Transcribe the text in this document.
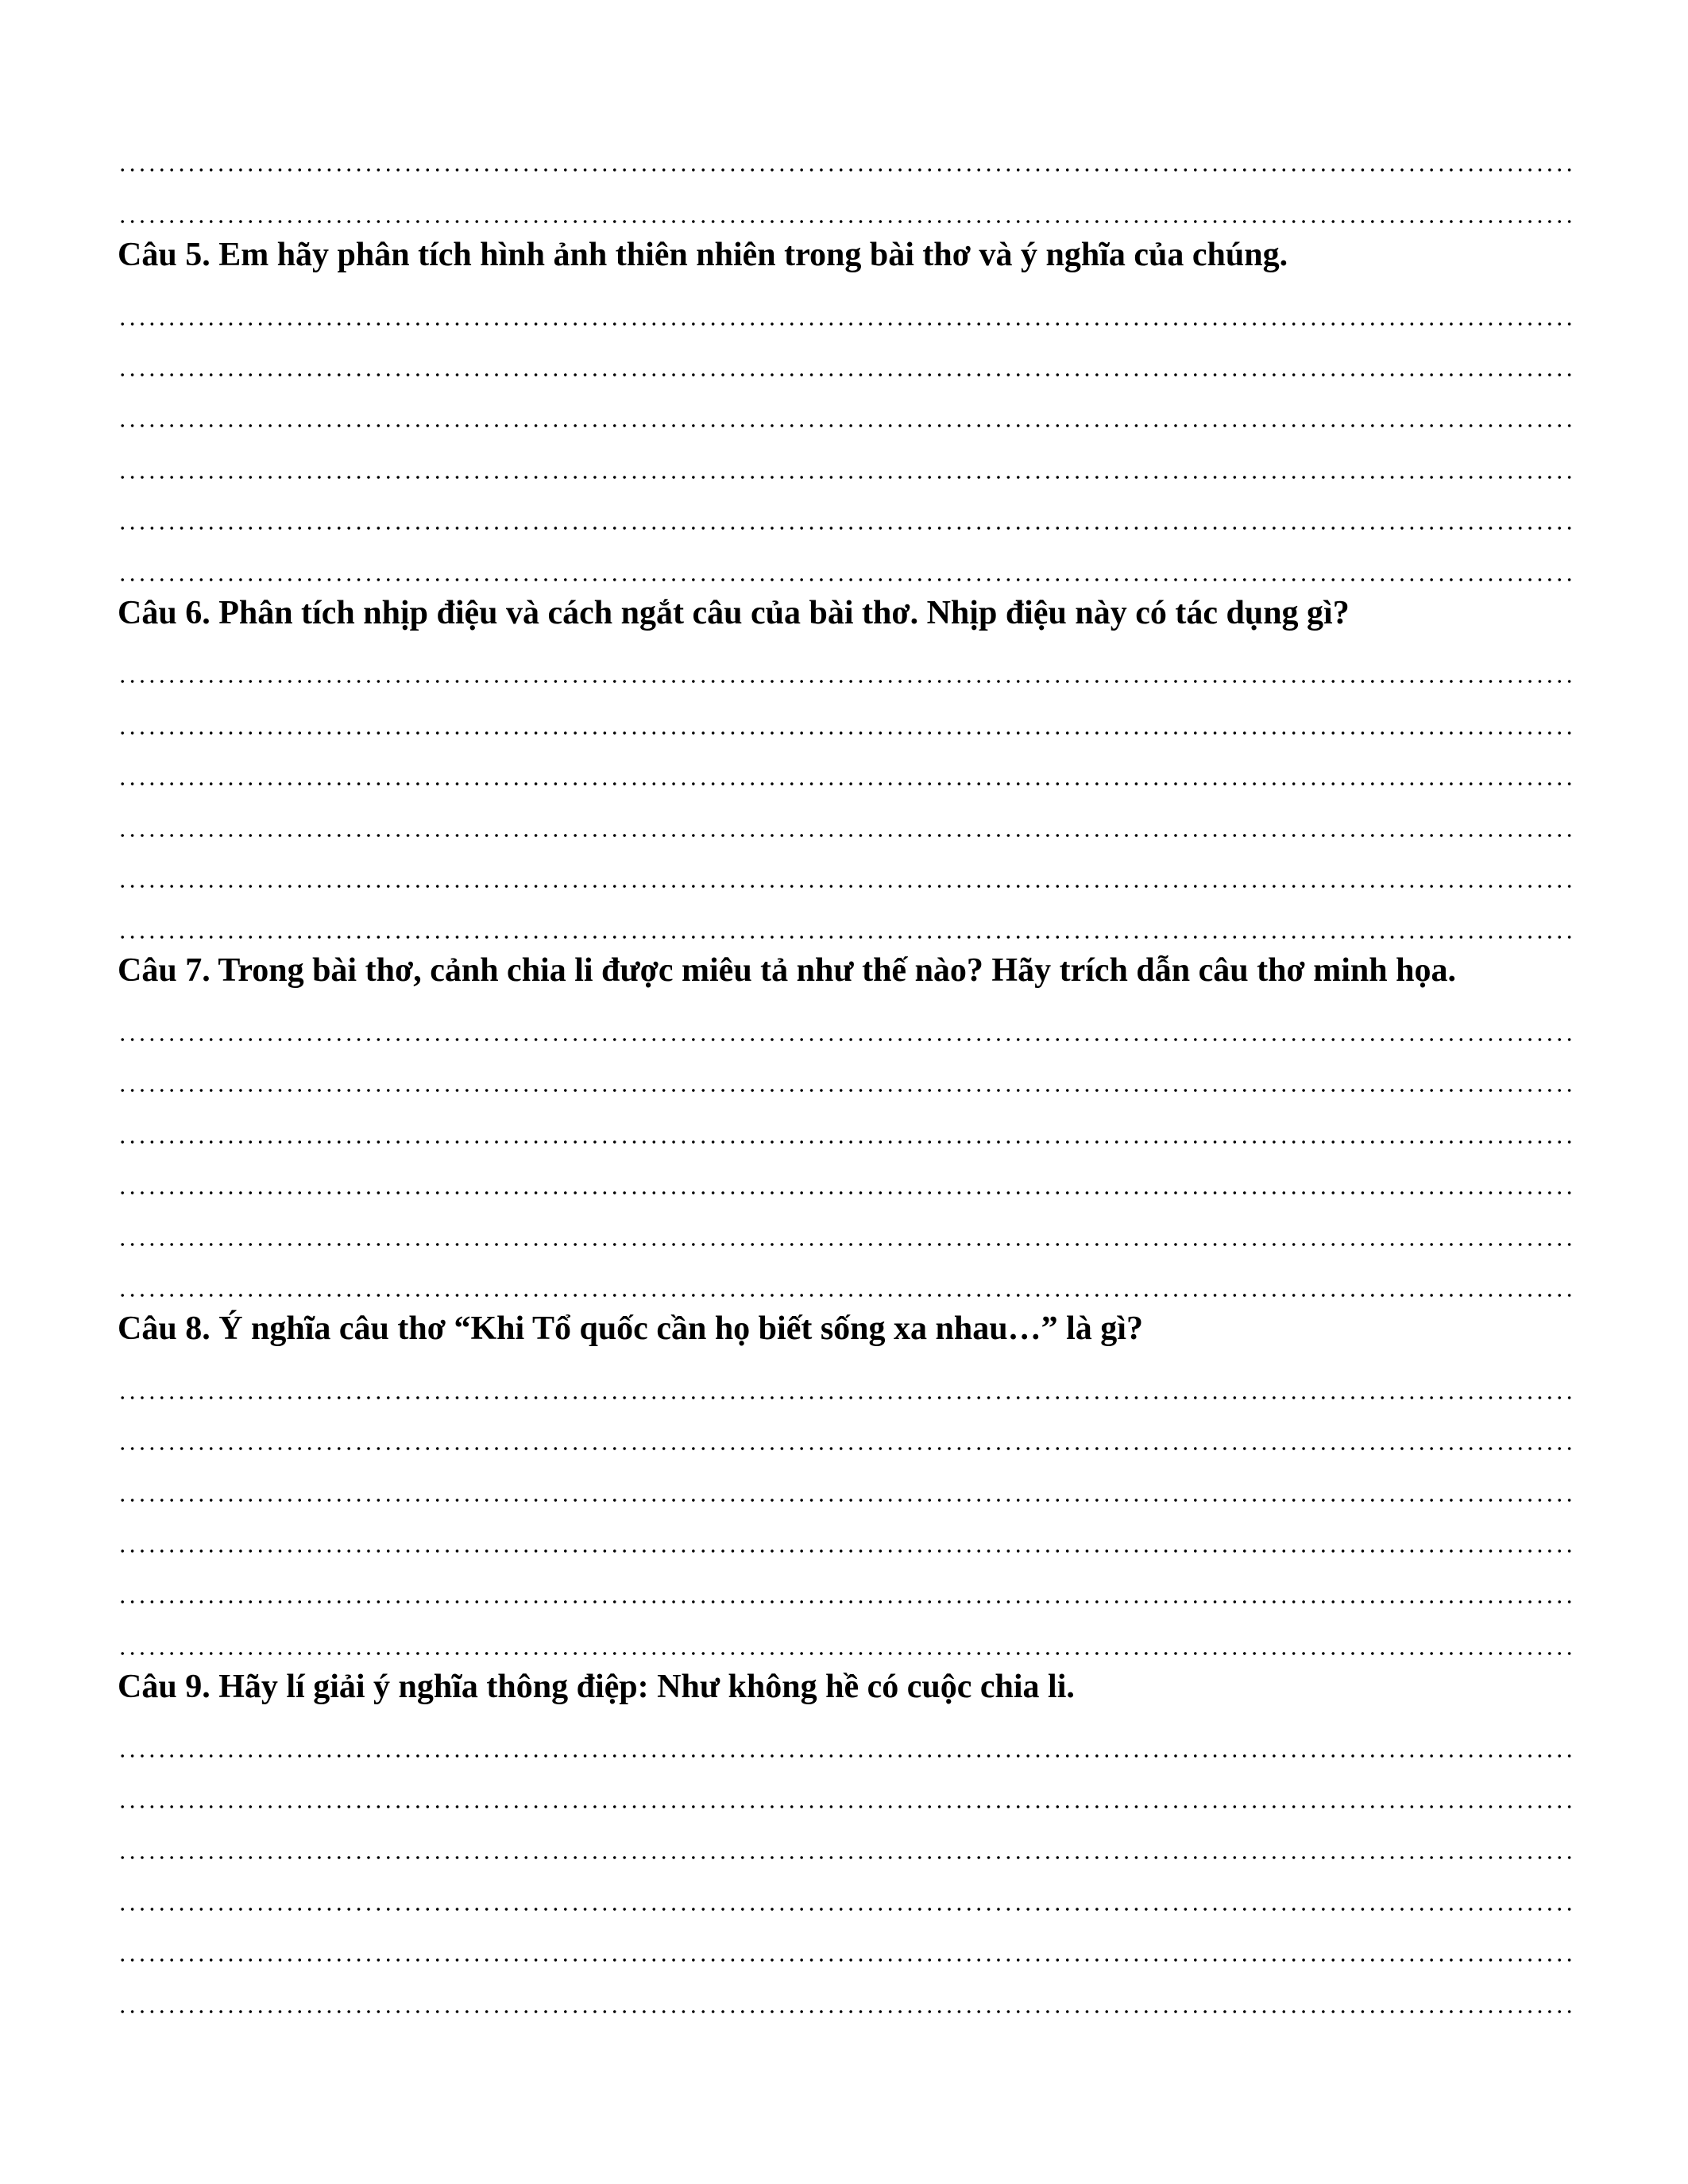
Câu 5. Em hãy phân tích hình ảnh thiên nhiên trong bài thơ và ý nghĩa của chúng.

Câu 6. Phân tích nhịp điệu và cách ngắt câu của bài thơ. Nhịp điệu này có tác dụng gì?

Câu 7. Trong bài thơ, cảnh chia li được miêu tả như thế nào? Hãy trích dẫn câu thơ minh họa.

Câu 8. Ý nghĩa câu thơ “Khi Tổ quốc cần họ biết sống xa nhau…” là gì?

Câu 9. Hãy lí giải ý nghĩa thông điệp: Như không hề có cuộc chia li.
